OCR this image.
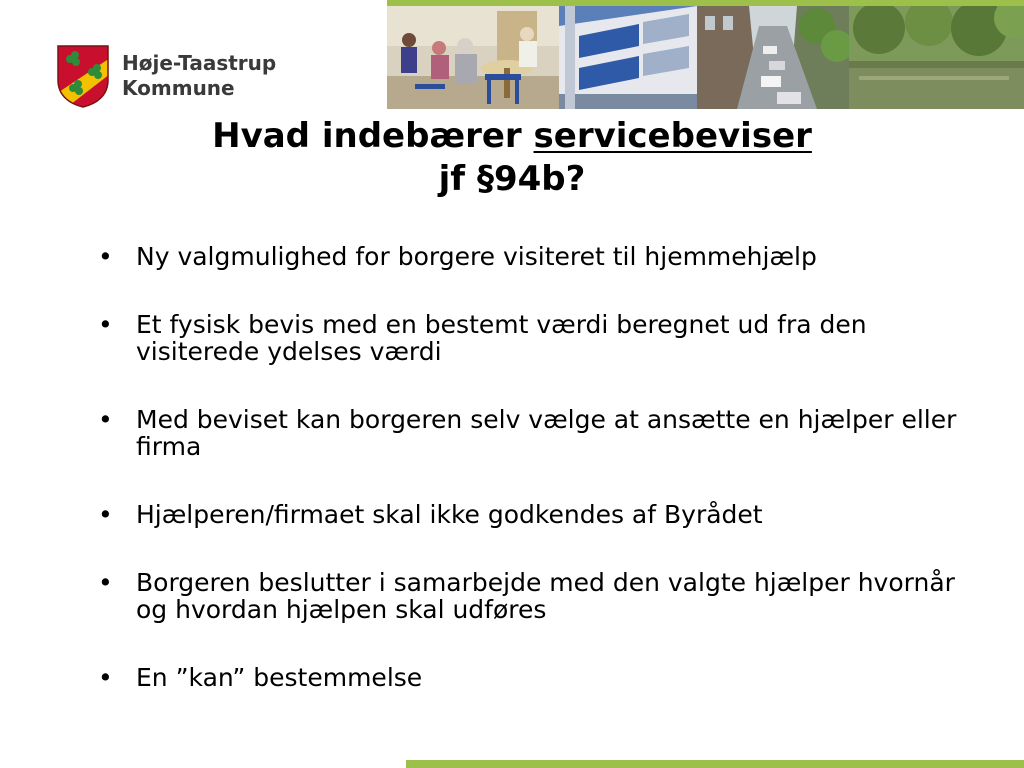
Høje-Taastrup
Kommune
Hvad indebærer servicebeviser
jf §94b?
• Ny valgmulighed for borgere visiteret til hjemmehjælp
• Et fysisk bevis med en bestemt værdi beregnet ud fra den visiterede ydelses værdi
• Med beviset kan borgeren selv vælge at ansætte en hjælper eller firma
• Hjælperen/firmaet skal ikke godkendes af Byrådet
• Borgeren beslutter i samarbejde med den valgte hjælper hvornår og hvordan hjælpen skal udføres
• En ”kan” bestemmelse
